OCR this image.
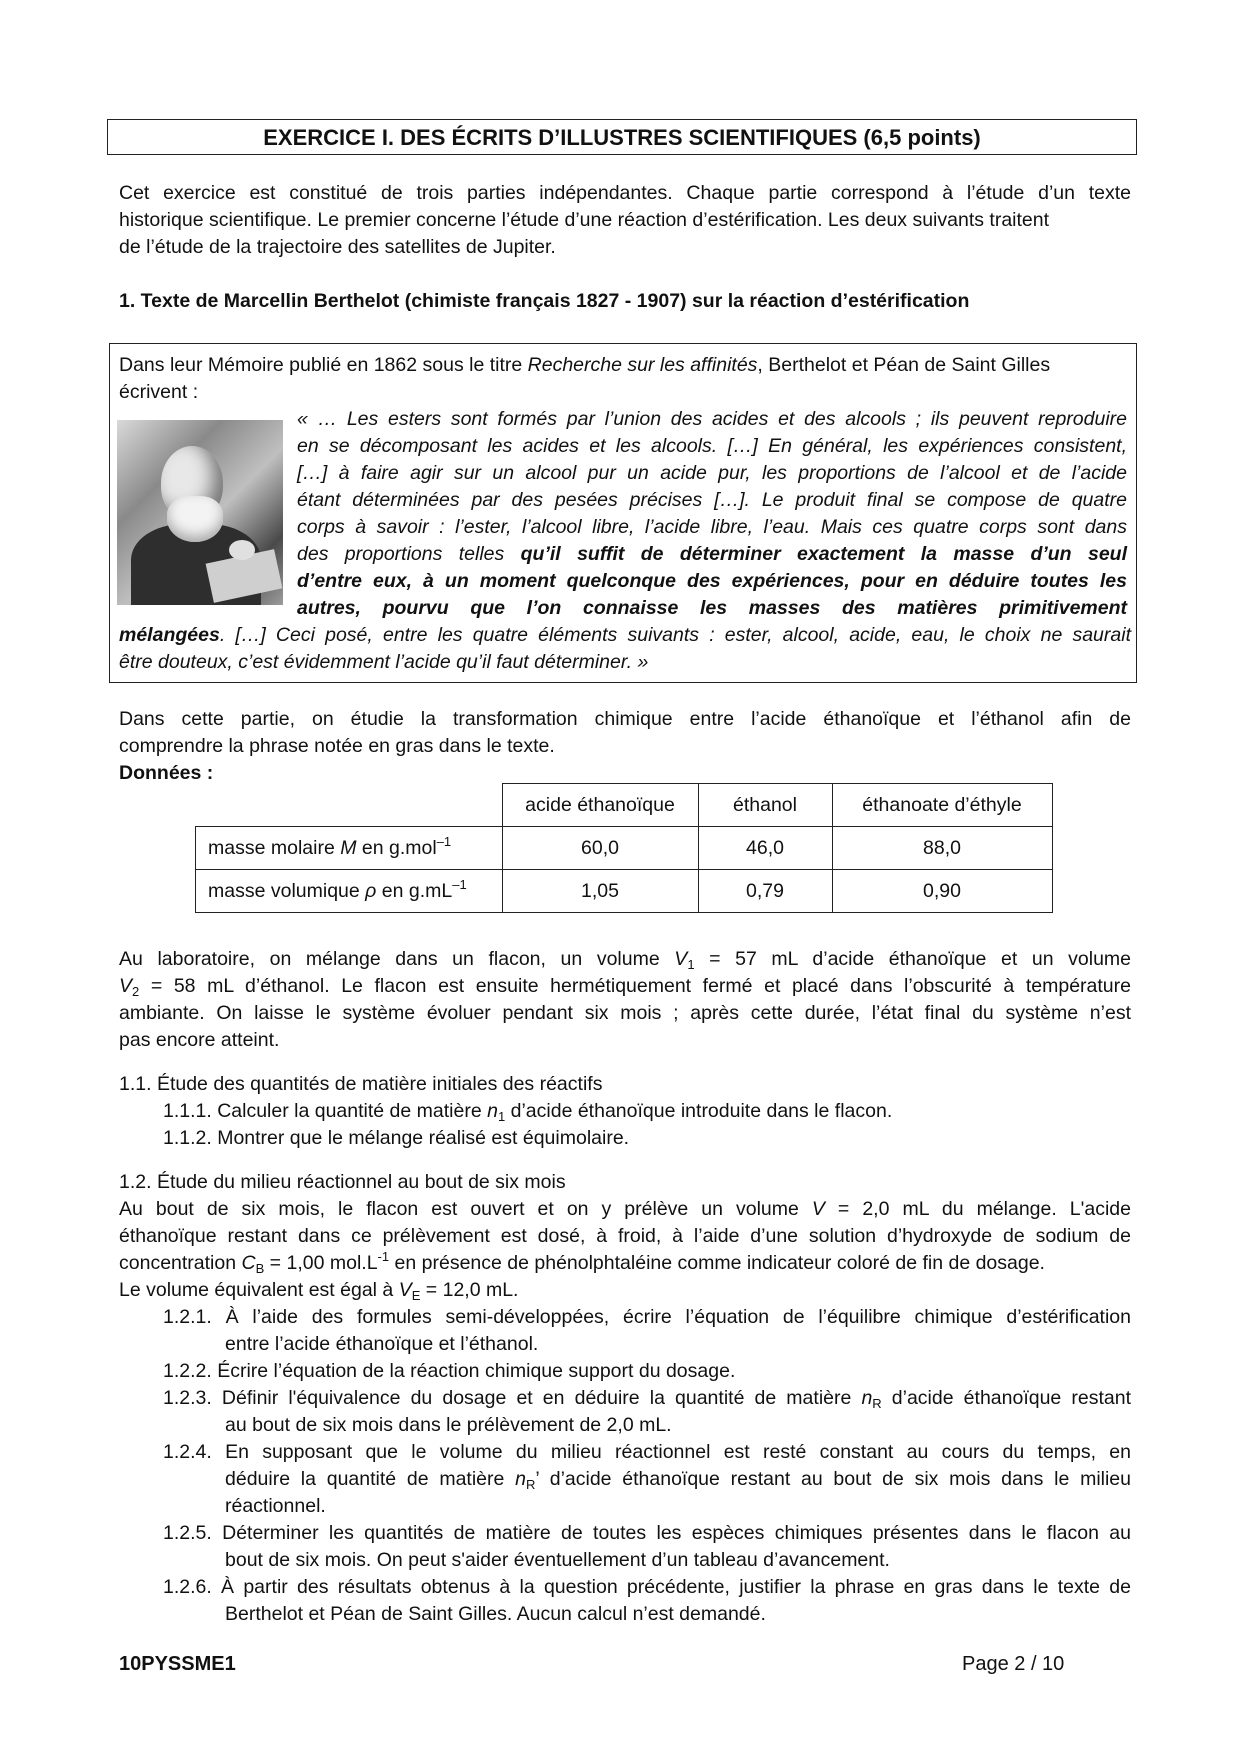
EXERCICE I. DES ÉCRITS D’ILLUSTRES SCIENTIFIQUES (6,5 points)
Cet exercice est constitué de trois parties indépendantes. Chaque partie correspond à l’étude d’un texte
historique scientifique. Le premier concerne l’étude d’une réaction d’estérification. Les deux suivants traitent
de l’étude de la trajectoire des satellites de Jupiter.
1. Texte de Marcellin Berthelot (chimiste français 1827 - 1907) sur la réaction d’estérification
Dans leur Mémoire publié en 1862 sous le titre Recherche sur les affinités, Berthelot et Péan de Saint Gilles
écrivent :
« … Les esters sont formés par l’union des acides et des alcools ; ils peuvent reproduire
en se décomposant les acides et les alcools. […] En général, les expériences consistent,
[…] à faire agir sur un alcool pur un acide pur, les proportions de l’alcool et de l’acide
étant déterminées par des pesées précises […]. Le produit final se compose de quatre
corps à savoir : l’ester, l’alcool libre, l’acide libre, l’eau. Mais ces quatre corps sont dans
des proportions telles qu’il suffit de déterminer exactement la masse d’un seul
d’entre eux, à un moment quelconque des expériences, pour en déduire toutes les
autres, pourvu que l’on connaisse les masses des matières primitivement
mélangées. […] Ceci posé, entre les quatre éléments suivants : ester, alcool, acide, eau, le choix ne saurait
être douteux, c’est évidemment l’acide qu’il faut déterminer. »
Dans cette partie, on étudie la transformation chimique entre l’acide éthanoïque et l’éthanol afin de
comprendre la phrase notée en gras dans le texte.
Données :
	acide éthanoïque	éthanol	éthanoate d’éthyle
masse molaire M en g.mol$^{-1}$	60,0	46,0	88,0
masse volumique ρ en $g.mL^{-1}$	1,05	0,79	0,90
Au laboratoire, on mélange dans un flacon, un volume $V_1 = 57$ mL d’acide éthanoïque et un volume
$V_2 = 58$ mL d’éthanol. Le flacon est ensuite hermétiquement fermé et placé dans l’obscurité à température
ambiante. On laisse le système évoluer pendant six mois ; après cette durée, l’état final du système n’est
pas encore atteint.
1.1. Étude des quantités de matière initiales des réactifs
1.1.1. Calculer la quantité de matière $n_1$ d’acide éthanoïque introduite dans le flacon.
1.1.2. Montrer que le mélange réalisé est équimolaire.
1.2. Étude du milieu réactionnel au bout de six mois
Au bout de six mois, le flacon est ouvert et on y prélève un volume V = 2,0 mL du mélange. L'acide
éthanoïque restant dans ce prélèvement est dosé, à froid, à l’aide d’une solution d’hydroxyde de sodium de
concentration $C_B = 1,00$ $mol.L^{-1}$ en présence de phénolphtaléine comme indicateur coloré de fin de dosage.
Le volume équivalent est égal à $V_E = 12,0$ mL.
1.2.1. À l’aide des formules semi-développées, écrire l’équation de l’équilibre chimique d’estérification
entre l’acide éthanoïque et l’éthanol.
1.2.2. Écrire l’équation de la réaction chimique support du dosage.
1.2.3. Définir l'équivalence du dosage et en déduire la quantité de matière $n_R$ d’acide éthanoïque restant
au bout de six mois dans le prélèvement de 2,0 mL.
1.2.4. En supposant que le volume du milieu réactionnel est resté constant au cours du temps, en
déduire la quantité de matière $n_R$’ d’acide éthanoïque restant au bout de six mois dans le milieu
réactionnel.
1.2.5. Déterminer les quantités de matière de toutes les espèces chimiques présentes dans le flacon au
bout de six mois. On peut s'aider éventuellement d’un tableau d’avancement.
1.2.6. À partir des résultats obtenus à la question précédente, justifier la phrase en gras dans le texte de
Berthelot et Péan de Saint Gilles. Aucun calcul n’est demandé.
10PYSSME1	Page 2 / 10
